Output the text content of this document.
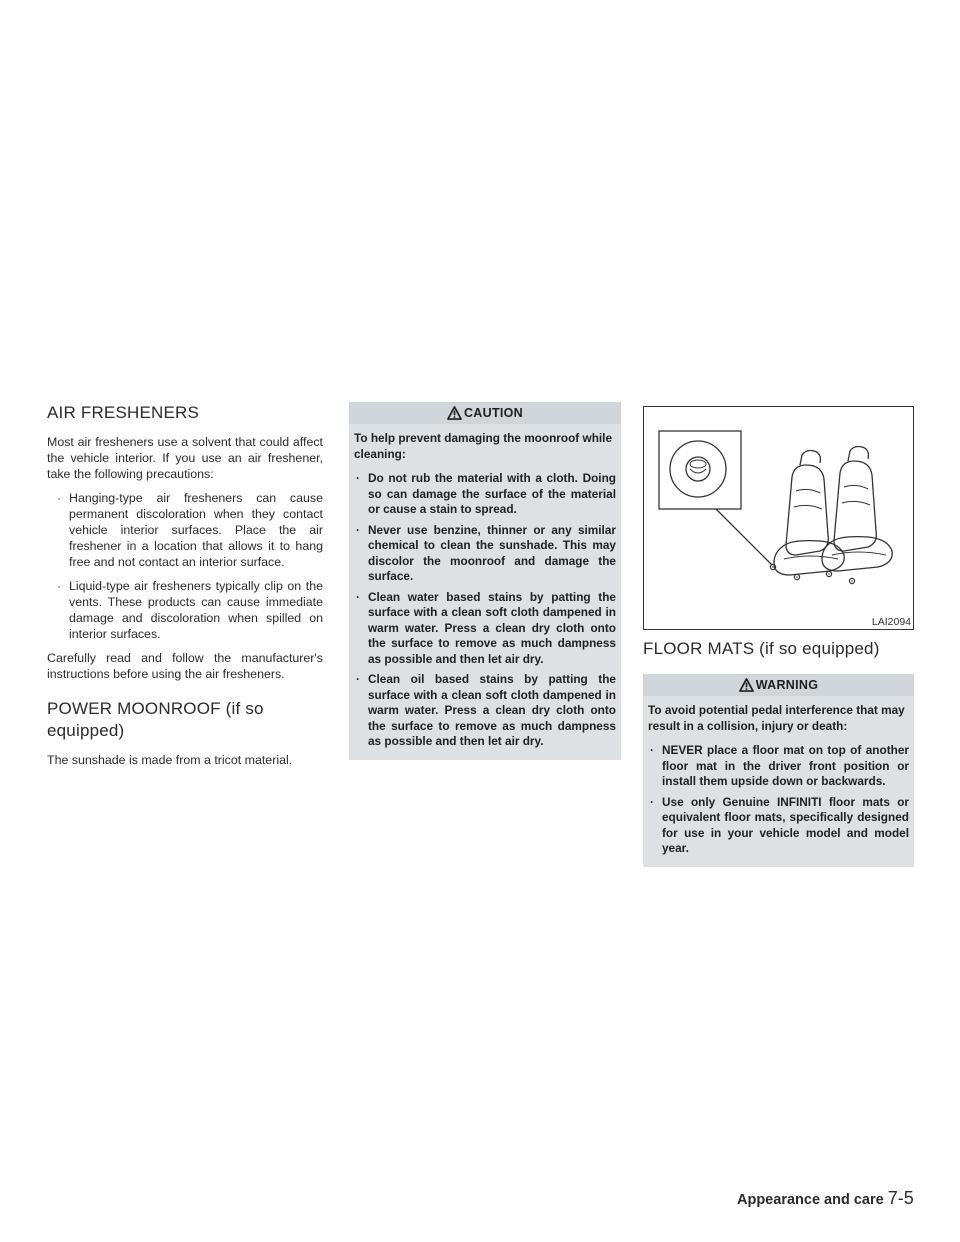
AIR FRESHENERS

Most air fresheners use a solvent that could affect the vehicle interior. If you use an air freshener, take the following precautions:

· Hanging-type air fresheners can cause permanent discoloration when they contact vehicle interior surfaces. Place the air freshener in a location that allows it to hang free and not contact an interior surface.
· Liquid-type air fresheners typically clip on the vents. These products can cause immediate damage and discoloration when spilled on interior surfaces.

Carefully read and follow the manufacturer's instructions before using the air fresheners.

POWER MOONROOF (if so equipped)

The sunshade is made from a tricot material.

CAUTION

To help prevent damaging the moonroof while cleaning:

· Do not rub the material with a cloth. Doing so can damage the surface of the material or cause a stain to spread.
· Never use benzine, thinner or any similar chemical to clean the sunshade. This may discolor the moonroof and damage the surface.
· Clean water based stains by patting the surface with a clean soft cloth dampened in warm water. Press a clean dry cloth onto the surface to remove as much dampness as possible and then let air dry.
· Clean oil based stains by patting the surface with a clean soft cloth dampened in warm water. Press a clean dry cloth onto the surface to remove as much dampness as possible and then let air dry.
LAI2094
FLOOR MATS (if so equipped)
WARNING

To avoid potential pedal interference that may result in a collision, injury or death:

· NEVER place a floor mat on top of another floor mat in the driver front position or install them upside down or backwards.
· Use only Genuine INFINITI floor mats or equivalent floor mats, specifically designed for use in your vehicle model and model year.
Appearance and care 7-5
